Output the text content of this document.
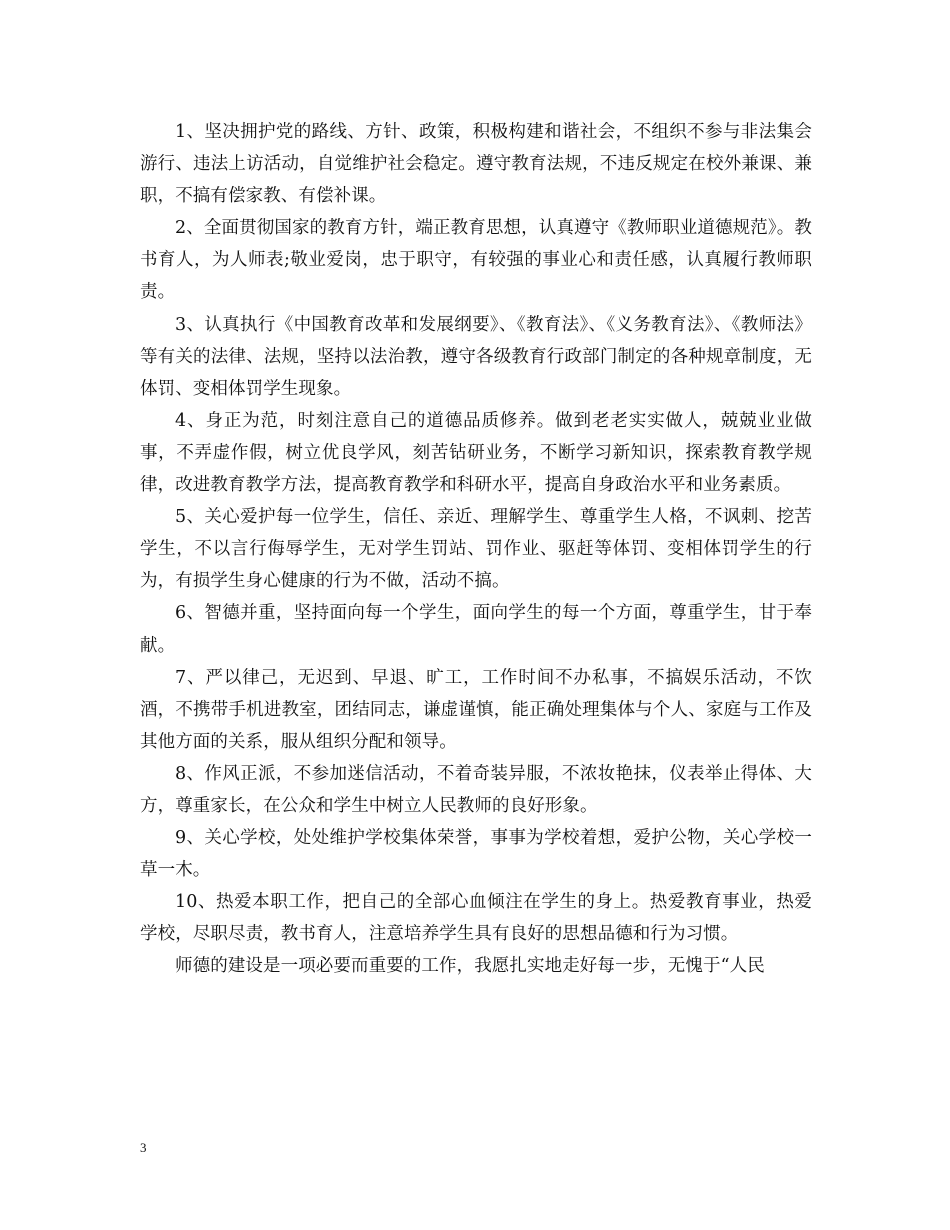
1、坚决拥护党的路线、方针、政策，积极构建和谐社会，不组织不参与非法集会游行、违法上访活动，自觉维护社会稳定。遵守教育法规，不违反规定在校外兼课、兼职，不搞有偿家教、有偿补课。

2、全面贯彻国家的教育方针，端正教育思想，认真遵守《教师职业道德规范》。教书育人，为人师表;敬业爱岗，忠于职守，有较强的事业心和责任感，认真履行教师职责。

3、认真执行《中国教育改革和发展纲要》、《教育法》、《义务教育法》、《教师法》等有关的法律、法规，坚持以法治教，遵守各级教育行政部门制定的各种规章制度，无体罚、变相体罚学生现象。

4、身正为范，时刻注意自己的道德品质修养。做到老老实实做人，兢兢业业做事，不弄虚作假，树立优良学风，刻苦钻研业务，不断学习新知识，探索教育教学规律，改进教育教学方法，提高教育教学和科研水平，提高自身政治水平和业务素质。

5、关心爱护每一位学生，信任、亲近、理解学生、尊重学生人格，不讽刺、挖苦学生，不以言行侮辱学生，无对学生罚站、罚作业、驱赶等体罚、变相体罚学生的行为，有损学生身心健康的行为不做，活动不搞。

6、智德并重，坚持面向每一个学生，面向学生的每一个方面，尊重学生，甘于奉献。

7、严以律己，无迟到、早退、旷工，工作时间不办私事，不搞娱乐活动，不饮酒，不携带手机进教室，团结同志，谦虚谨慎，能正确处理集体与个人、家庭与工作及其他方面的关系，服从组织分配和领导。

8、作风正派，不参加迷信活动，不着奇装异服，不浓妆艳抹，仪表举止得体、大方，尊重家长，在公众和学生中树立人民教师的良好形象。

9、关心学校，处处维护学校集体荣誉，事事为学校着想，爱护公物，关心学校一草一木。

10、热爱本职工作，把自己的全部心血倾注在学生的身上。热爱教育事业，热爱学校，尽职尽责，教书育人，注意培养学生具有良好的思想品德和行为习惯。

师德的建设是一项必要而重要的工作，我愿扎实地走好每一步，无愧于“人民

3
